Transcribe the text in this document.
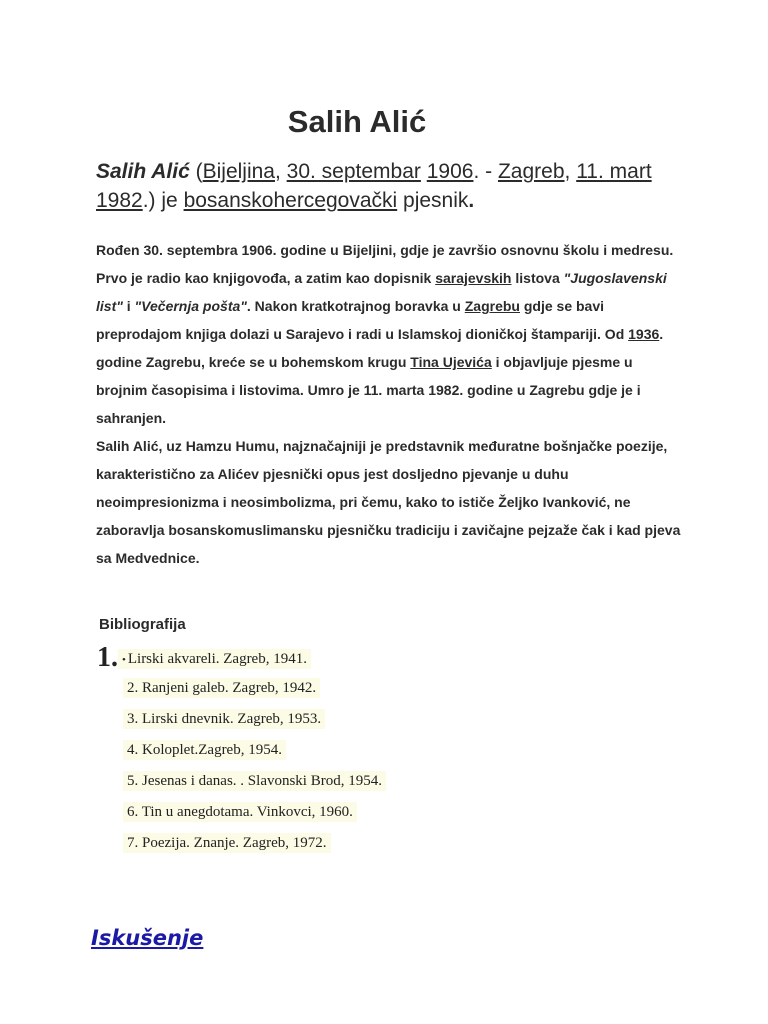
Salih Alić
Salih Alić (Bijeljina, 30. septembar 1906. - Zagreb, 11. mart 1982.) je bosanskohercegovački pjesnik.

Rođen 30. septembra 1906. godine u Bijeljini, gdje je završio osnovnu školu i medresu. Prvo je radio kao knjigovođa, a zatim kao dopisnik sarajevskih listova "Jugoslavenski list" i "Večernja pošta". Nakon kratkotrajnog boravka u Zagrebu gdje se bavi preprodajom knjiga dolazi u Sarajevo i radi u Islamskoj dioničkoj štampariji. Od 1936. godine Zagrebu, kreće se u bohemskom krugu Tina Ujevića i objavljuje pjesme u brojnim časopisima i listovima. Umro je 11. marta 1982. godine u Zagrebu gdje je i sahranjen.

Salih Alić, uz Hamzu Humu, najznačajniji je predstavnik međuratne bošnjačke poezije, karakteristično za Alićev pjesnički opus jest dosljedno pjevanje u duhu neoimpresionizma i neosimbolizma, pri čemu, kako to ističe Željko Ivanković, ne zaboravlja bosanskomuslimansku pjesničku tradiciju i zavičajne pejzaže čak i kad pjeva sa Medvednice.

Bibliografija
1. • Lirski akvareli. Zagreb, 1941.
2. Ranjeni galeb. Zagreb, 1942.
3. Lirski dnevnik. Zagreb, 1953.
4. Koloplet.Zagreb, 1954.
5. Jesenas i danas. . Slavonski Brod, 1954.
6. Tin u anegdotama. Vinkovci, 1960.
7. Poezija. Znanje. Zagreb, 1972.
Iskušenje
